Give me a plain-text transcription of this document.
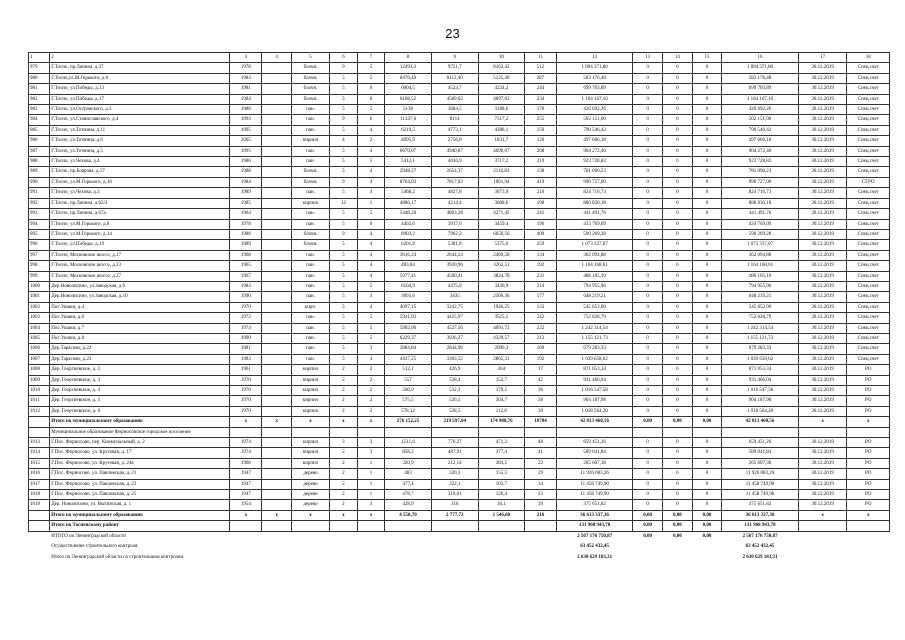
23
1	2	3	4	5	6	7	8	9	10	11	12	13	14	15	16	17	18
979	Г.Тосно, пр.Ленина, д.37	1978		блочн.	9	5	12493,3	9751,7	8163,42	512	1 894 371,80	0	0	0	1 894 371,80	30.12.2019	Спец.счет
980	Г.Тосно,ул.М.Горького, д.6	1983		блочн.	5	5	8476,49	6112,40	5125,49	287	583 176,48	0	0	0	583 176,48	30.12.2019	Спец.счет
981	Г.Тосно, ул.Победы, д.13	1981		блочн.	5	6	6004,5	4523,7	4224,2	244	699 703,89	0	0	0	699 703,89	30.12.2019	Спец.счет
982	Г.Тосно, ул.Победы, д.17	1984		блочн.	5	6	6108,52	4589,02	4097,02	234	1 164 167,10	0	0	0	1 164 167,10	30.12.2019	Спец.счет
983	Г.Тосно, ул.Островского, д.3	1986		пан.	5	5	5136	3684,5	3188,6	170	426 692,26	0	0	0	426 692,26	30.12.2019	Спец.счет
984	Г.Тосно, ул.Станиславского, д.4	1993		пан.	9	6	11347,6	8114	7317,2	255	502 151,00	0	0	0	502 151,00	30.12.2019	Спец.счет
985	Г.Тосно, ул.Тотмина, д.11	1995		пан.	5	4	6219,5	4773,1	4388,1	159	790 546,42	0	0	0	790 546,42	30.12.2019	Спец.счет
986	Г.Тосно, ул.Тотмина, д.6	2005		кирпич	4	2	4095,9	2756,8	1831,7	120	497 666,18	0	0	0	497 666,18	30.12.2019	Спец.счет
987	Г.Тосно, ул.Тотмина, д.5	1995		пан.	5	4	6670,07	4940,87	4690,07	208	904 272,40	0	0	0	904 272,40	30.12.2019	Спец.счет
988	Г.Тосно, ул.Чехова, д.4	1986		пан.	5	5	5412,1	4036,9	3717,2	219	923 728,82	0	0	0	923 728,82	30.12.2019	Спец.счет
989	Г.Тосно, пр.Боярова, д.17	1988		блочн.	5	4	2948,37	2654,37	2116,83	138	781 090,23	0	0	0	781 090,23	30.12.2019	Спец.счет
990	Г.Тосно, ул.М.Горького, д.16	1984		блочн.	9	4	8764,03	7817,93	1061,94	419	990 727,00	0	0	0	990 727,00	30.12.2019	СГРО
991	Г.Тосно, ул.Чехова, д.3	1989		пан.	5	4	5468,2	4827,8	3673,9	216	824 716,73	0	0	0	824 716,73	30.12.2019	Спец.счет
992	Г.Тосно, пр.Ленина, д.62/2	1985		кирпич	12	1	4886,17	4214,4	3608,6	198	880 830,18	0	0	0	880 830,18	30.12.2019	Спец.счет
993	Г.Тосно, пр.Ленина, д.67а	1964		пан.	5	5	5448,28	4803,28	4271,45	241	441 491,76	0	0	0	441 491,76	30.12.2019	Спец.счет
994	Г.Тосно, ул.М.Горького, д.8	1978		пан.	5	6	4402,6	3917,6	3459,4	196	433 769,09	0	0	0	433 769,09	30.12.2019	Спец.счет
995	Г.Тосно, ул.М.Горького, д.14	1986		блочн.	9	4	8903,2	7962,2	6650,56	409	590 269,28	0	0	0	590 269,28	30.12.2019	Спец.счет
996	Г.Тосно, ул.Победы, д.19	1989		блочн.	5	4	6201,8	5381,8	5375,6	259	1 073 337,07	0	0	0	1 073 337,07	30.12.2019	Спец.счет
997	Г.Тосно, Московское шоссе, д.17	1968		пан.	5	4	3616,24	2644,24	2469,58	134	362 094,88	0	0	0	362 094,88	30.12.2019	Спец.счет
998	Г.Тосно, Московское шоссе, д.23	1965		пан.	5	4	483,84	3920,96	3262,51	192	1 164 168,61	0	0	0	1 164 168,61	30.12.2019	Спец.счет
999	Г.Тосно, Московское шоссе, д.27	1967		пан.	5	4	5977,41	4560,41	3824,78	231	486 105,10	0	0	0	486 105,10	30.12.2019	Спец.счет
1000	Дер.Новолисино, ул.Заводская, д.9	1983		пан.	5	5	6104,9	4475,9	3436,9	214	794 955,96	0	0	0	794 955,96	30.12.2019	Спец.счет
1001	Дер.Новолисино, ул.Заводская, д.10	1990		пан.	5	3	3093,6	3435	2560,36	177	648 219,21	0	0	0	648 219,21	30.12.2019	Спец.счет
1002	Пос.Ушаки, д.4	1970		кирп.	5	4	4097,15	3242,75	1946,25	133	545 653,90	0	0	0	545 653,90	30.12.2019	Спец.счет
1003	Пос.Ушаки, д.6	1972		пан.	5	5	5941,93	4425,97	3525,5	242	752 628,79	0	0	0	752 628,79	30.12.2019	Спец.счет
1004	Пос.Ушаки, д.7	1974		пан.	5	5	5902,96	4527,56	4091,72	222	1 242 314,54	0	0	0	1 242 314,54	30.12.2019	Спец.счет
1005	Пос.Ушаки, д.8	1990		пан.	5	5	6229,37	3936,27	4329,57	213	1 155 121,73	0	0	0	1 155 121,73	30.12.2019	Спец.счет
1006	Дер.Тарасово, д.22	1981		пан.	5	3	3884,84	2844,96	2090,3	169	679 283,33	0	0	0	679 283,33	30.12.2019	Спец.счет
1007	Дер.Тарасово, д.23	1983		пан.	5	3	4437,25	3303,55	2865,31	192	1 039 658,62	0	0	0	1 039 658,62	30.12.2019	Спец.счет
1008	Дер. Георгиевское, д. 2	1961		кирпич	2	2	512,1	426,9	364	17	871 053,34	0	0	0	871 053,34	30.12.2019	РО
1009	Дер. Георгиевское, д. 3	1970		кирпич	2	2	557	528,4	152,7	42	931 466,04	0	0	0	931 466,04	30.12.2019	РО
1010	Дер. Георгиевское, д. 4	1970		кирпич	2	2	560,9	532,3	179,5	36	1 016 547,58	0	0	0	1 016 547,58	30.12.2019	РО
1011	Дер. Георгиевское, д. 5	1970		кирпич	2	2	575,5	526,5	304,7	28	904 187,98	0	0	0	904 187,98	30.12.2019	РО
1012	Дер. Георгиевское, д. 6	1970		кирпич	2	2	578,12	528,5	112,8	30	1 018 564,20	0	0	0	1 018 564,20	30.12.2019	РО
	Итого по муниципальному образованию	х	х	х	х	х	276 152,25	219 597,04	174 980,76	10704	42 813 460,56	0,00	0,00	0,00	42 813 460,56	х	х
	Муниципальное образование Форносовское городское поселение																
1013	Г.Пос. Форносово, пер. Коммунальный, д. 2	1974		кирпич	3	3	1511,6	776,27	471,2	48	659 451,26	0	0	0	659 451,26	30.12.2019	РО
1014	Г.Пос. Форносово, ул. Круговая, д. 17	1974		кирпич	2	3	858,2	487,91	377,4	41	589 041,84	0	0	0	589 041,84	30.12.2019	РО
1015	Г.Пос. Форносово, ул. Круговая, д. 24а	1966		кирпич	2	1	320,9	212,14	384,5	22	265 607,38	0	0	0	265 607,38	30.12.2019	РО
1016	Г.Пос. Форносово, ул. Павловская, д. 21	1947		дерево	2	1	483	320,3	155,5	29	11 926 083,26	0	0	0	11 926 083,26	30.12.2019	РО
1017	Г.Пос. Форносово, ул. Павловская, д. 23	1947		дерево	2	1	477,4	322,1	103,7	34	11 458 749,90	0	0	0	11 458 749,90	30.12.2019	РО
1018	Г.Пос. Форносово, ул. Павловская, д. 25	1947		дерево	2	1	478,7	319,01	120,4	23	11 458 749,90	0	0	0	11 458 749,90	30.12.2019	РО
1019	Дер. Новолисино, ул. Вытинская, д. 1	1954		дерево	2	3	428,9	316	36,1	19	375 651,82	0	0	0	375 651,82	30.12.2019	РО
	Итого по муниципальному образованию	х	х	х	х	х	4 558,70	2 777,73	1 546,60	216	36 613 337,36	0,00	0,00	0,00	36 613 337,36	х	х
	Итого по Тосненскому району										131 968 943,78	0,00	0,00	0,00	131 968 943,78		
	ИТОГО по Ленинградской области										2 567 176 750,87	0,00	0,00	0,00	2 567 176 750,87		
	Осуществление строительного контроля										63 452 432,45				63 452 432,45		
	Итого по Ленинградской области со строительным контролем										2 630 629 183,31				2 630 629 183,31		
